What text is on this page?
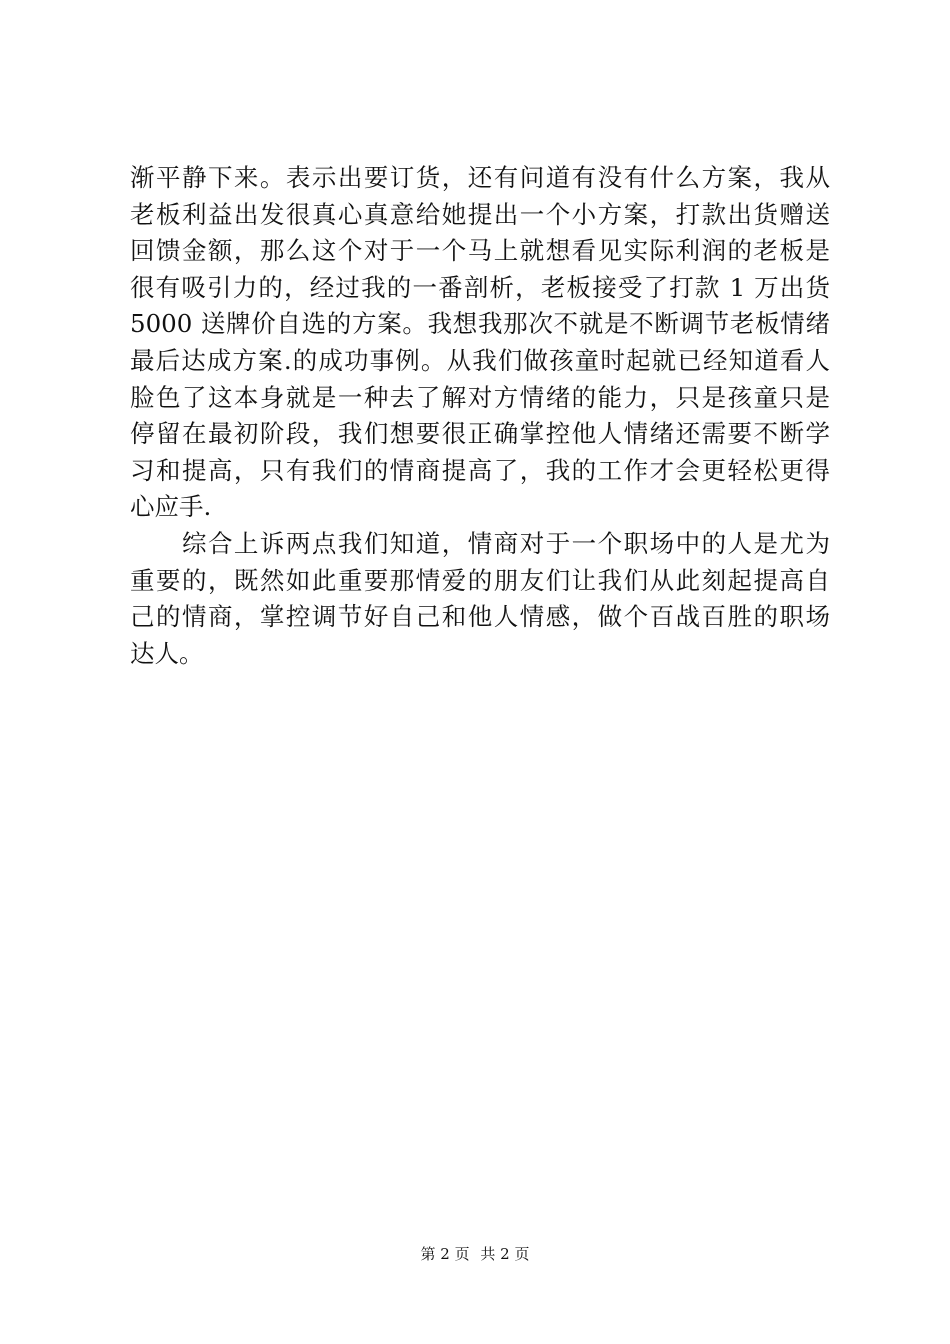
渐平静下来。表示出要订货，还有问道有没有什么方案，我从
老板利益出发很真心真意给她提出一个小方案，打款出货赠送
回馈金额，那么这个对于一个马上就想看见实际利润的老板是
很有吸引力的，经过我的一番剖析，老板接受了打款 1 万出货
5000 送牌价自选的方案。我想我那次不就是不断调节老板情绪
最后达成方案.的成功事例。从我们做孩童时起就已经知道看人
脸色了这本身就是一种去了解对方情绪的能力，只是孩童只是
停留在最初阶段，我们想要很正确掌控他人情绪还需要不断学
习和提高，只有我们的情商提高了，我的工作才会更轻松更得
心应手.
　　综合上诉两点我们知道，情商对于一个职场中的人是尤为
重要的，既然如此重要那情爱的朋友们让我们从此刻起提高自
己的情商，掌控调节好自己和他人情感，做个百战百胜的职场
达人。
第 2 页 共 2 页
